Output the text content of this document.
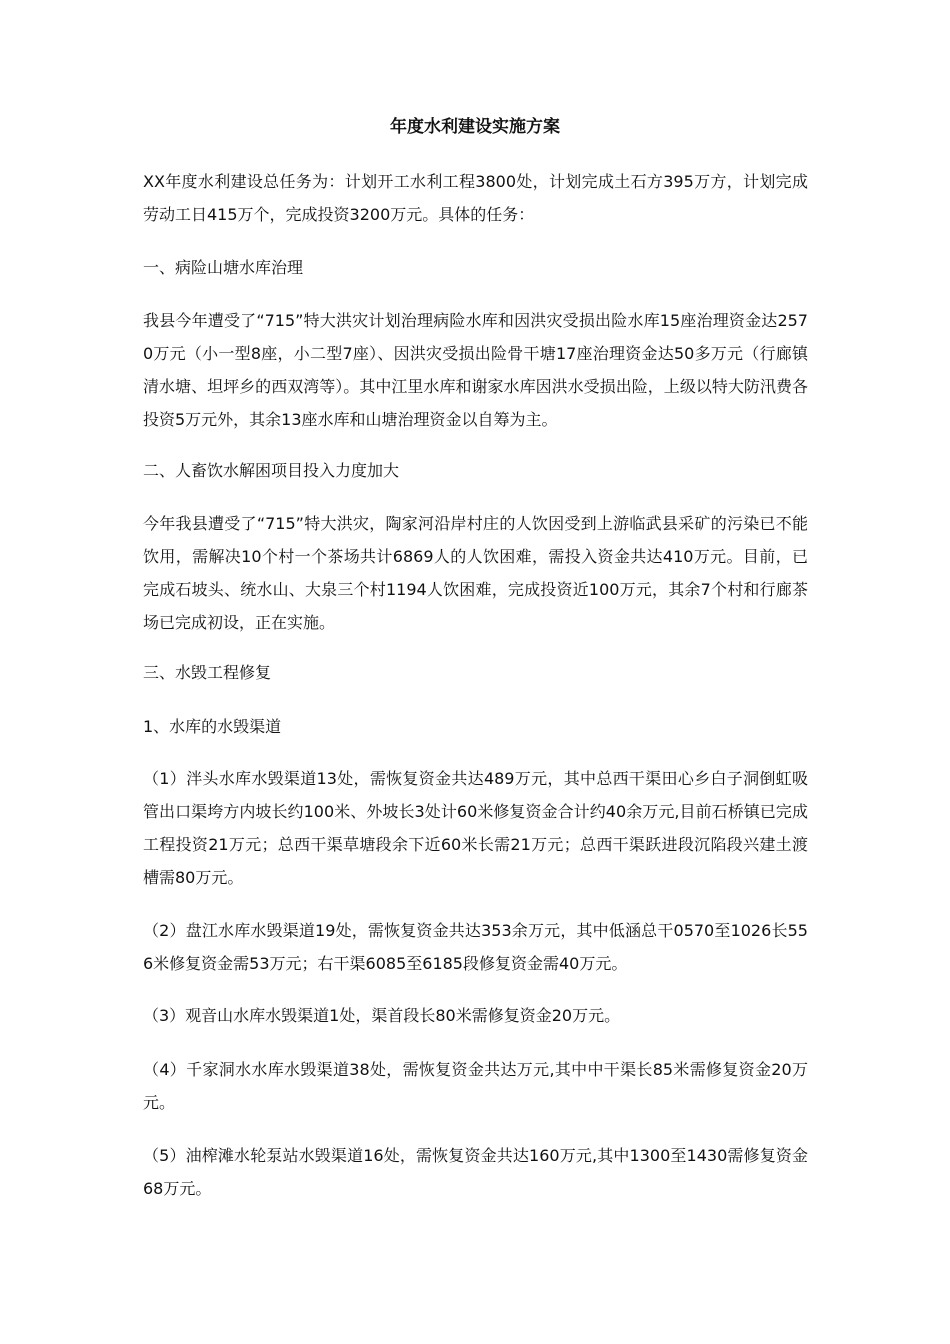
年度水利建设实施方案

XX年度水利建设总任务为：计划开工水利工程3800处，计划完成土石方395万方，计划完成劳动工日415万个，完成投资3200万元。具体的任务：

一、病险山塘水库治理

我县今年遭受了“715”特大洪灾计划治理病险水库和因洪灾受损出险水库15座治理资金达2570万元（小一型8座，小二型7座）、因洪灾受损出险骨干塘17座治理资金达50多万元（行廊镇清水塘、坦坪乡的西双湾等）。其中江里水库和谢家水库因洪水受损出险，上级以特大防汛费各投资5万元外，其余13座水库和山塘治理资金以自筹为主。

二、人畜饮水解困项目投入力度加大

今年我县遭受了“715”特大洪灾，陶家河沿岸村庄的人饮因受到上游临武县采矿的污染已不能饮用，需解决10个村一个茶场共计6869人的人饮困难，需投入资金共达410万元。目前，已完成石坡头、统水山、大泉三个村1194人饮困难，完成投资近100万元，其余7个村和行廊茶场已完成初设，正在实施。

三、水毁工程修复

1、水库的水毁渠道

（1）泮头水库水毁渠道13处，需恢复资金共达489万元，其中总西干渠田心乡白子洞倒虹吸管出口渠垮方内坡长约100米、外坡长3处计60米修复资金合计约40余万元,目前石桥镇已完成工程投资21万元；总西干渠草塘段余下近60米长需21万元；总西干渠跃进段沉陷段兴建土渡槽需80万元。

（2）盘江水库水毁渠道19处，需恢复资金共达353余万元，其中低涵总干0570至1026长556米修复资金需53万元；右干渠6085至6185段修复资金需40万元。

（3）观音山水库水毁渠道1处，渠首段长80米需修复资金20万元。

（4）千家洞水水库水毁渠道38处，需恢复资金共达万元,其中中干渠长85米需修复资金20万元。

（5）油榨滩水轮泵站水毁渠道16处，需恢复资金共达160万元,其中1300至1430需修复资金68万元。
